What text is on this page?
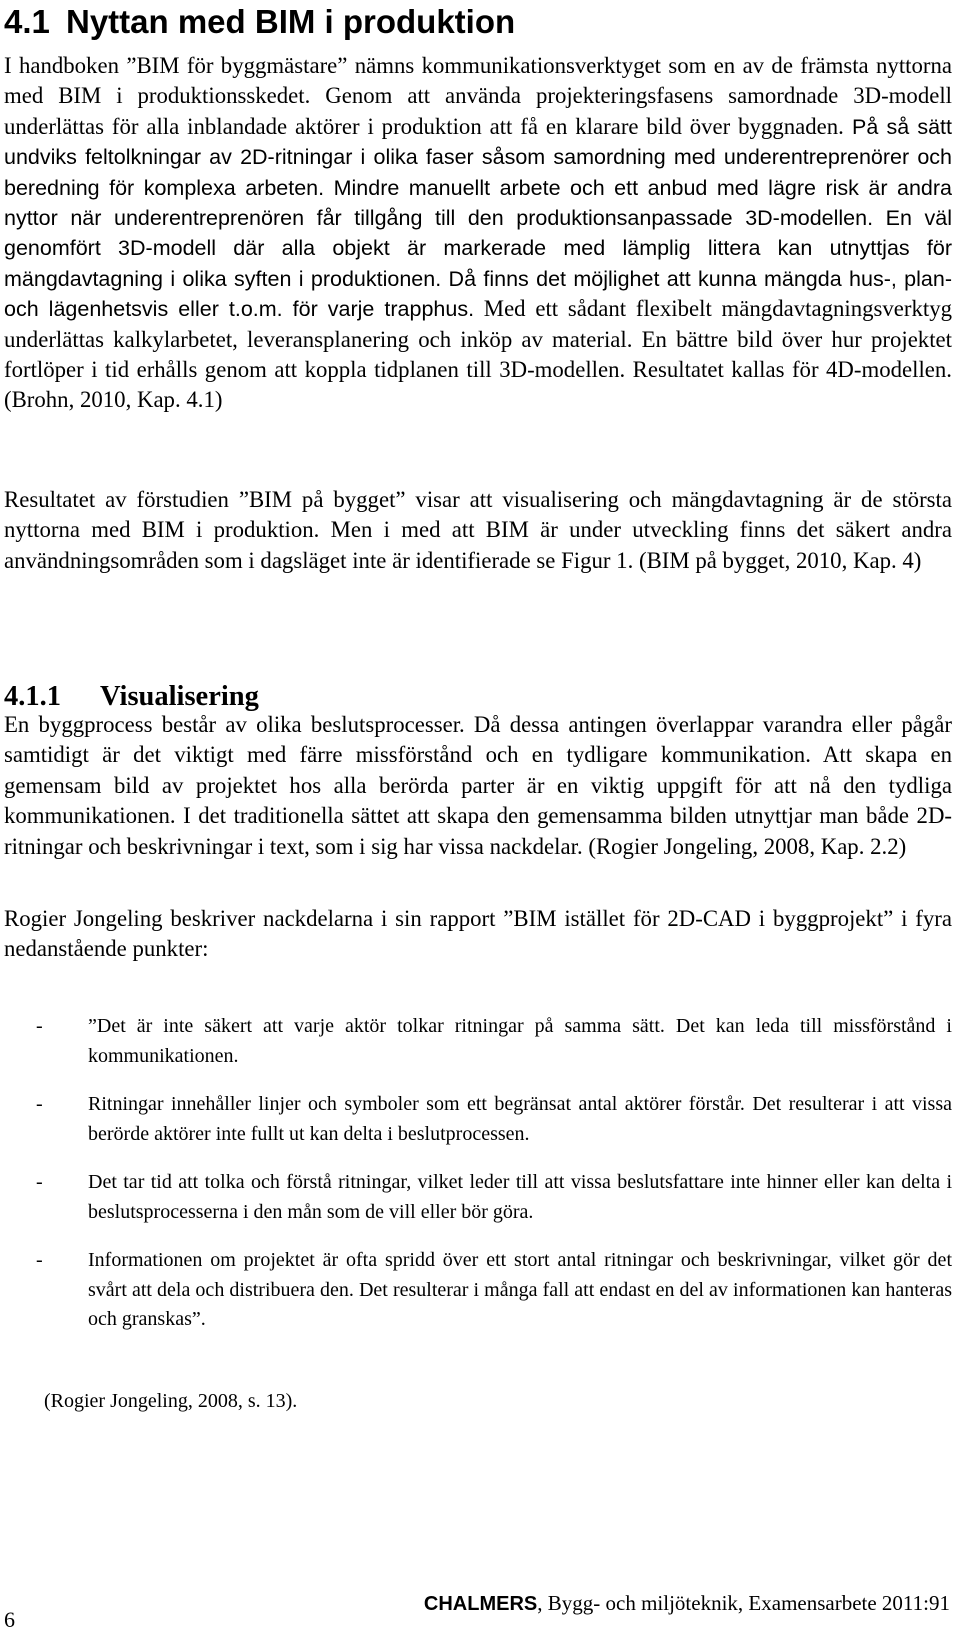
4.1 Nyttan med BIM i produktion

I handboken ”BIM för byggmästare” nämns kommunikationsverktyget som en av de främsta nyttorna med BIM i produktionsskedet. Genom att använda projekteringsfasens samordnade 3D-modell underlättas för alla inblandade aktörer i produktion att få en klarare bild över byggnaden. På så sätt undviks feltolkningar av 2D-ritningar i olika faser såsom samordning med underentreprenörer och beredning för komplexa arbeten. Mindre manuellt arbete och ett anbud med lägre risk är andra nyttor när underentreprenören får tillgång till den produktionsanpassade 3D-modellen. En väl genomfört 3D-modell där alla objekt är markerade med lämplig littera kan utnyttjas för mängdavtagning i olika syften i produktionen. Då finns det möjlighet att kunna mängda hus-, plan- och lägenhetsvis eller t.o.m. för varje trapphus. Med ett sådant flexibelt mängdavtagningsverktyg underlättas kalkylarbetet, leveransplanering och inköp av material. En bättre bild över hur projektet fortlöper i tid erhålls genom att koppla tidplanen till 3D-modellen. Resultatet kallas för 4D-modellen. (Brohn, 2010, Kap. 4.1)

Resultatet av förstudien ”BIM på bygget” visar att visualisering och mängdavtagning är de största nyttorna med BIM i produktion. Men i med att BIM är under utveckling finns det säkert andra användningsområden som i dagsläget inte är identifierade se Figur 1. (BIM på bygget, 2010, Kap. 4)

4.1.1 Visualisering

En byggprocess består av olika beslutsprocesser. Då dessa antingen överlappar varandra eller pågår samtidigt är det viktigt med färre missförstånd och en tydligare kommunikation. Att skapa en gemensam bild av projektet hos alla berörda parter är en viktig uppgift för att nå den tydliga kommunikationen. I det traditionella sättet att skapa den gemensamma bilden utnyttjar man både 2D-ritningar och beskrivningar i text, som i sig har vissa nackdelar. (Rogier Jongeling, 2008, Kap. 2.2)

Rogier Jongeling beskriver nackdelarna i sin rapport ”BIM istället för 2D-CAD i byggprojekt” i fyra nedanstående punkter:

- ”Det är inte säkert att varje aktör tolkar ritningar på samma sätt. Det kan leda till missförstånd i kommunikationen.
- Ritningar innehåller linjer och symboler som ett begränsat antal aktörer förstår. Det resulterar i att vissa berörde aktörer inte fullt ut kan delta i beslutprocessen.
- Det tar tid att tolka och förstå ritningar, vilket leder till att vissa beslutsfattare inte hinner eller kan delta i beslutsprocesserna i den mån som de vill eller bör göra.
- Informationen om projektet är ofta spridd över ett stort antal ritningar och beskrivningar, vilket gör det svårt att dela och distribuera den. Det resulterar i många fall att endast en del av informationen kan hanteras och granskas”.
(Rogier Jongeling, 2008, s. 13).
6
CHALMERS, Bygg- och miljöteknik, Examensarbete 2011:91
